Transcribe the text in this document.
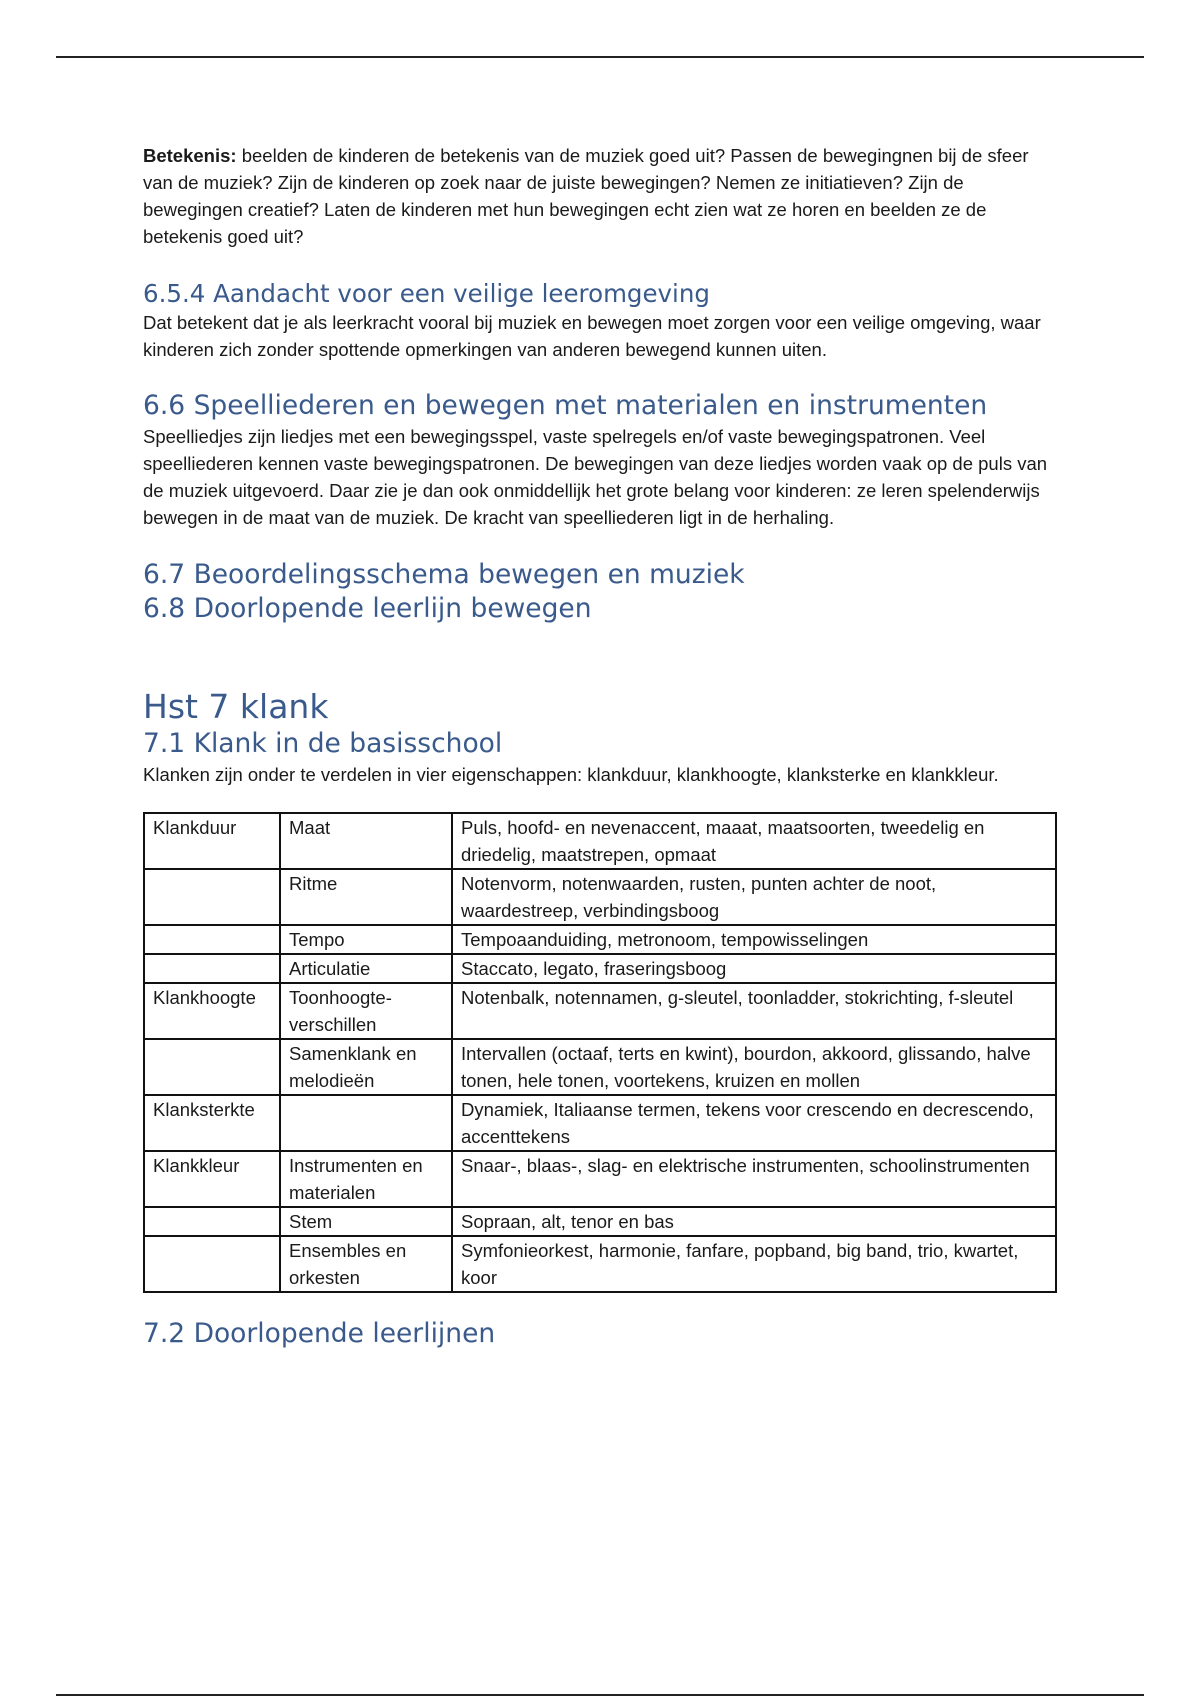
Betekenis: beelden de kinderen de betekenis van de muziek goed uit? Passen de bewegingnen bij de sfeer van de muziek? Zijn de kinderen op zoek naar de juiste bewegingen? Nemen ze initiatieven? Zijn de bewegingen creatief? Laten de kinderen met hun bewegingen echt zien wat ze horen en beelden ze de betekenis goed uit?

6.5.4 Aandacht voor een veilige leeromgeving

Dat betekent dat je als leerkracht vooral bij muziek en bewegen moet zorgen voor een veilige omgeving, waar kinderen zich zonder spottende opmerkingen van anderen bewegend kunnen uiten.

6.6 Speelliederen en bewegen met materialen en instrumenten

Speelliedjes zijn liedjes met een bewegingsspel, vaste spelregels en/of vaste bewegingspatronen. Veel speelliederen kennen vaste bewegingspatronen. De bewegingen van deze liedjes worden vaak op de puls van de muziek uitgevoerd. Daar zie je dan ook onmiddellijk het grote belang voor kinderen: ze leren spelenderwijs bewegen in de maat van de muziek. De kracht van speelliederen ligt in de herhaling.

6.7 Beoordelingsschema bewegen en muziek
6.8 Doorlopende leerlijn bewegen
Hst 7 klank
7.1 Klank in de basisschool

Klanken zijn onder te verdelen in vier eigenschappen: klankduur, klankhoogte, klanksterke en klankkleur.

Klankduur	Maat	Puls, hoofd- en nevenaccent, maaat, maatsoorten, tweedelig en driedelig, maatstrepen, opmaat
	Ritme	Notenvorm, notenwaarden, rusten, punten achter de noot, waardestreep, verbindingsboog
	Tempo	Tempoaanduiding, metronoom, tempowisselingen
	Articulatie	Staccato, legato, fraseringsboog
Klankhoogte	Toonhoogte-verschillen	Notenbalk, notennamen, g-sleutel, toonladder, stokrichting, f-sleutel
	Samenklank en melodieën	Intervallen (octaaf, terts en kwint), bourdon, akkoord, glissando, halve tonen, hele tonen, voortekens, kruizen en mollen
Klanksterkte		Dynamiek, Italiaanse termen, tekens voor crescendo en decrescendo, accenttekens
Klankkleur	Instrumenten en materialen	Snaar-, blaas-, slag- en elektrische instrumenten, schoolinstrumenten
	Stem	Sopraan, alt, tenor en bas
	Ensembles en orkesten	Symfonieorkest, harmonie, fanfare, popband, big band, trio, kwartet, koor
7.2 Doorlopende leerlijnen
